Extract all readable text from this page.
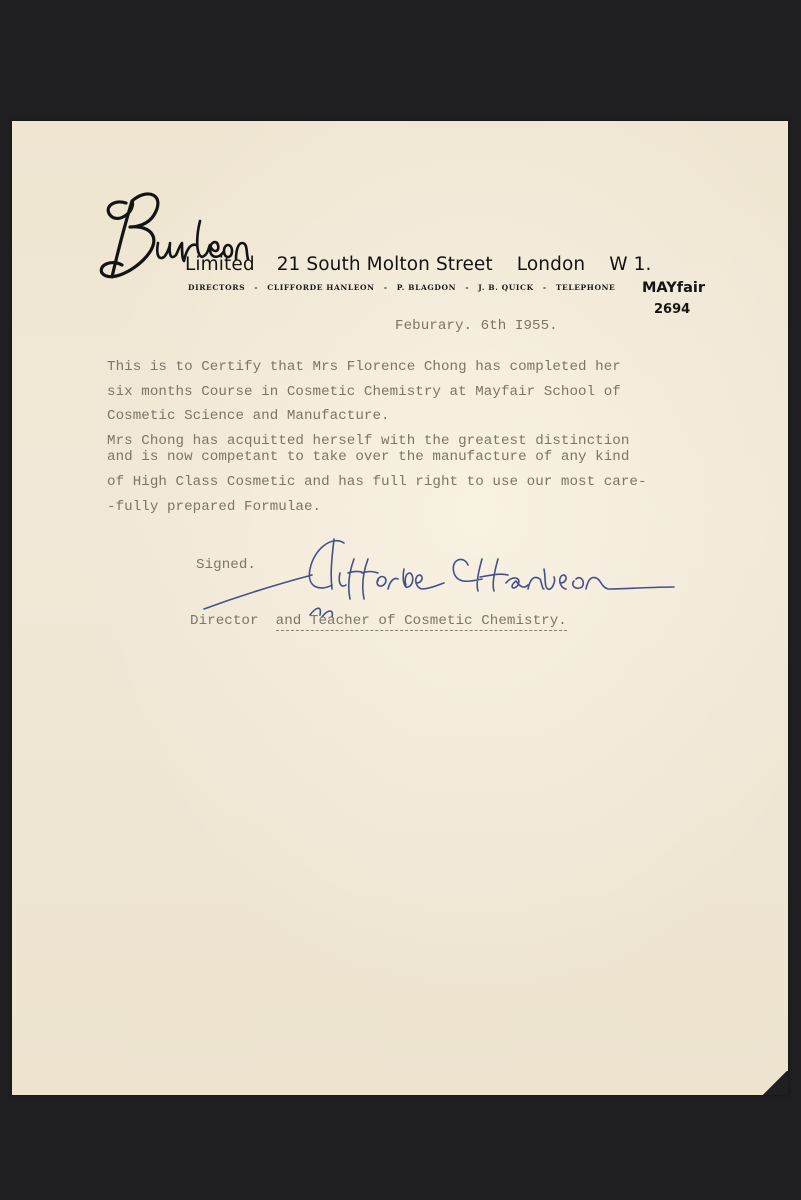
Limited 21 South Molton Street London W 1.
DIRECTORS - CLIFFORDE HANLEON - P. BLAGDON - J. B. QUICK - TELEPHONE	MAYfair
2694
Feburary. 6th I955.
This is to Certify that Mrs Florence Chong has completed her
six months Course in Cosmetic Chemistry at Mayfair School of
Cosmetic Science and Manufacture.
Mrs Chong has acquitted herself with the greatest distinction
and is now competant to take over the manufacture of any kind
of High Class Cosmetic and has full right to use our most care-
-fully prepared Formulae.
Signed.
Director and Teacher of Cosmetic Chemistry.
